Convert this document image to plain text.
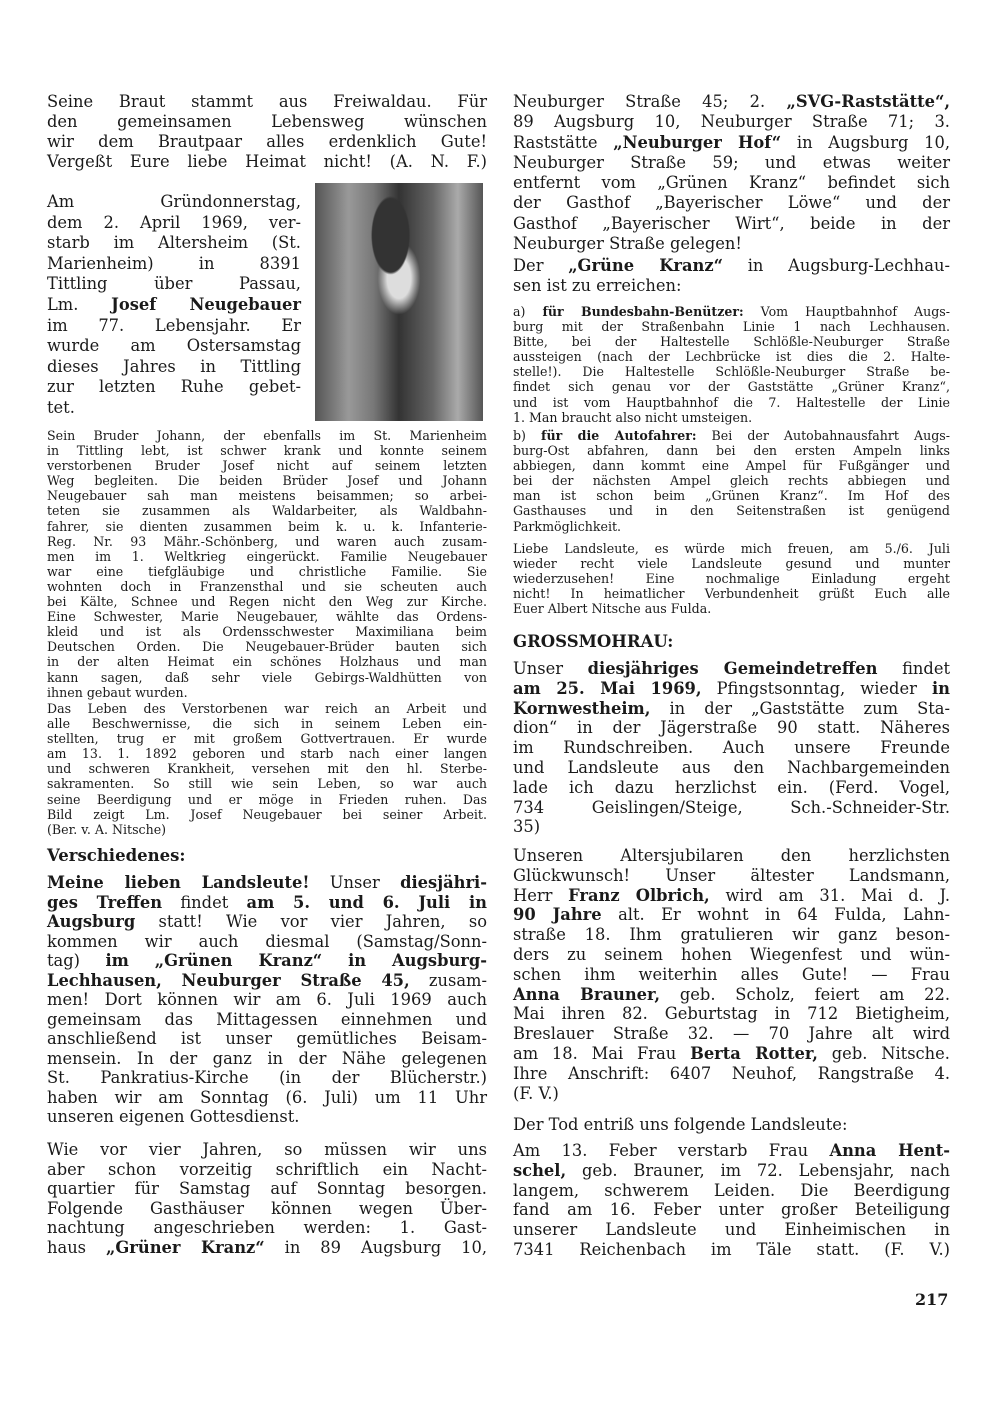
Seine Braut stammt aus Freiwaldau. Für
den gemeinsamen Lebensweg wünschen
wir dem Brautpaar alles erdenklich Gute!
Vergeßt Eure liebe Heimat nicht! (A. N. F.)
Am Gründonnerstag,
dem 2. April 1969, ver-
starb im Altersheim (St.
Marienheim) in 8391
Tittling über Passau,
Lm. Josef Neugebauer
im 77. Lebensjahr. Er
wurde am Ostersamstag
dieses Jahres in Tittling
zur letzten Ruhe gebet-
tet.
Sein Bruder Johann, der ebenfalls im St. Marienheim
in Tittling lebt, ist schwer krank und konnte seinem
verstorbenen Bruder Josef nicht auf seinem letzten
Weg begleiten. Die beiden Brüder Josef und Johann
Neugebauer sah man meistens beisammen; so arbei-
teten sie zusammen als Waldarbeiter, als Waldbahn-
fahrer, sie dienten zusammen beim k. u. k. Infanterie-
Reg. Nr. 93 Mähr.-Schönberg, und waren auch zusam-
men im 1. Weltkrieg eingerückt. Familie Neugebauer
war eine tiefgläubige und christliche Familie. Sie
wohnten doch in Franzensthal und sie scheuten auch
bei Kälte, Schnee und Regen nicht den Weg zur Kirche.
Eine Schwester, Marie Neugebauer, wählte das Ordens-
kleid und ist als Ordensschwester Maximiliana beim
Deutschen Orden. Die Neugebauer-Brüder bauten sich
in der alten Heimat ein schönes Holzhaus und man
kann sagen, daß sehr viele Gebirgs-Waldhütten von
ihnen gebaut wurden.
Das Leben des Verstorbenen war reich an Arbeit und
alle Beschwernisse, die sich in seinem Leben ein-
stellten, trug er mit großem Gottvertrauen. Er wurde
am 13. 1. 1892 geboren und starb nach einer langen
und schweren Krankheit, versehen mit den hl. Sterbe-
sakramenten. So still wie sein Leben, so war auch
seine Beerdigung und er möge in Frieden ruhen. Das
Bild zeigt Lm. Josef Neugebauer bei seiner Arbeit.
(Ber. v. A. Nitsche)
Verschiedenes:
Meine lieben Landsleute! Unser diesjähri-
ges Treffen findet am 5. und 6. Juli in
Augsburg statt! Wie vor vier Jahren, so
kommen wir auch diesmal (Samstag/Sonn-
tag) im „Grünen Kranz“ in Augsburg-
Lechhausen, Neuburger Straße 45, zusam-
men! Dort können wir am 6. Juli 1969 auch
gemeinsam das Mittagessen einnehmen und
anschließend ist unser gemütliches Beisam-
mensein. In der ganz in der Nähe gelegenen
St. Pankratius-Kirche (in der Blücherstr.)
haben wir am Sonntag (6. Juli) um 11 Uhr
unseren eigenen Gottesdienst.
Wie vor vier Jahren, so müssen wir uns
aber schon vorzeitig schriftlich ein Nacht-
quartier für Samstag auf Sonntag besorgen.
Folgende Gasthäuser können wegen Über-
nachtung angeschrieben werden: 1. Gast-
haus „Grüner Kranz“ in 89 Augsburg 10,
Neuburger Straße 45; 2. „SVG-Raststätte“,
89 Augsburg 10, Neuburger Straße 71; 3.
Raststätte „Neuburger Hof“ in Augsburg 10,
Neuburger Straße 59; und etwas weiter
entfernt vom „Grünen Kranz“ befindet sich
der Gasthof „Bayerischer Löwe“ und der
Gasthof „Bayerischer Wirt“, beide in der
Neuburger Straße gelegen!
Der „Grüne Kranz“ in Augsburg-Lechhau-
sen ist zu erreichen:
a) für Bundesbahn-Benützer: Vom Hauptbahnhof Augs-
burg mit der Straßenbahn Linie 1 nach Lechhausen.
Bitte, bei der Haltestelle Schlößle-Neuburger Straße
aussteigen (nach der Lechbrücke ist dies die 2. Halte-
stelle!). Die Haltestelle Schlößle-Neuburger Straße be-
findet sich genau vor der Gaststätte „Grüner Kranz“,
und ist vom Hauptbahnhof die 7. Haltestelle der Linie
1. Man braucht also nicht umsteigen.
b) für die Autofahrer: Bei der Autobahnausfahrt Augs-
burg-Ost abfahren, dann bei den ersten Ampeln links
abbiegen, dann kommt eine Ampel für Fußgänger und
bei der nächsten Ampel gleich rechts abbiegen und
man ist schon beim „Grünen Kranz“. Im Hof des
Gasthauses und in den Seitenstraßen ist genügend
Parkmöglichkeit.
Liebe Landsleute, es würde mich freuen, am 5./6. Juli
wieder recht viele Landsleute gesund und munter
wiederzusehen! Eine nochmalige Einladung ergeht
nicht! In heimatlicher Verbundenheit grüßt Euch alle
Euer Albert Nitsche aus Fulda.
GROSSMOHRAU:
Unser diesjähriges Gemeindetreffen findet
am 25. Mai 1969, Pfingstsonntag, wieder in
Kornwestheim, in der „Gaststätte zum Sta-
dion“ in der Jägerstraße 90 statt. Näheres
im Rundschreiben. Auch unsere Freunde
und Landsleute aus den Nachbargemeinden
lade ich dazu herzlichst ein. (Ferd. Vogel,
734 Geislingen/Steige, Sch.-Schneider-Str.
35)
Unseren Altersjubilaren den herzlichsten
Glückwunsch! Unser ältester Landsmann,
Herr Franz Olbrich, wird am 31. Mai d. J.
90 Jahre alt. Er wohnt in 64 Fulda, Lahn-
straße 18. Ihm gratulieren wir ganz beson-
ders zu seinem hohen Wiegenfest und wün-
schen ihm weiterhin alles Gute! — Frau
Anna Brauner, geb. Scholz, feiert am 22.
Mai ihren 82. Geburtstag in 712 Bietigheim,
Breslauer Straße 32. — 70 Jahre alt wird
am 18. Mai Frau Berta Rotter, geb. Nitsche.
Ihre Anschrift: 6407 Neuhof, Rangstraße 4.
(F. V.)
Der Tod entriß uns folgende Landsleute:
Am 13. Feber verstarb Frau Anna Hent-
schel, geb. Brauner, im 72. Lebensjahr, nach
langem, schwerem Leiden. Die Beerdigung
fand am 16. Feber unter großer Beteiligung
unserer Landsleute und Einheimischen in
7341 Reichenbach im Täle statt. (F. V.)
217
